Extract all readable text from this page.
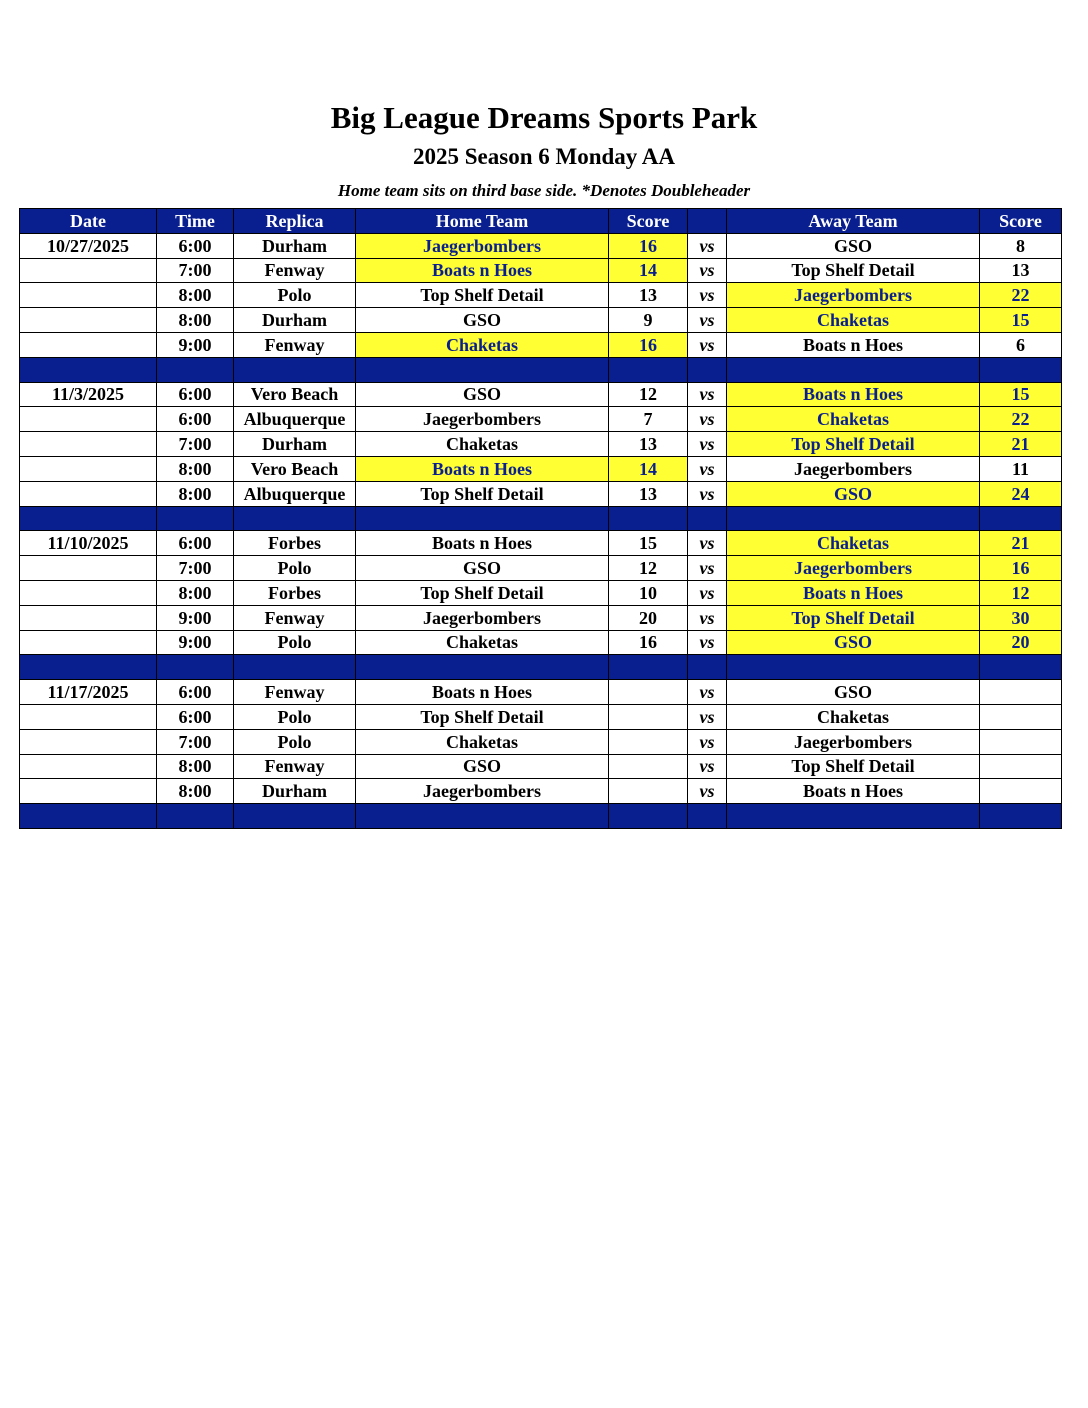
Big League Dreams Sports Park
2025 Season 6 Monday AA
Home team sits on third base side. *Denotes Doubleheader
Date	Time	Replica	Home Team	Score		Away Team	Score
10/27/2025	6:00	Durham	Jaegerbombers	16	vs	GSO	8
	7:00	Fenway	Boats n Hoes	14	vs	Top Shelf Detail	13
	8:00	Polo	Top Shelf Detail	13	vs	Jaegerbombers	22
	8:00	Durham	GSO	9	vs	Chaketas	15
	9:00	Fenway	Chaketas	16	vs	Boats n Hoes	6

11/3/2025	6:00	Vero Beach	GSO	12	vs	Boats n Hoes	15
	6:00	Albuquerque	Jaegerbombers	7	vs	Chaketas	22
	7:00	Durham	Chaketas	13	vs	Top Shelf Detail	21
	8:00	Vero Beach	Boats n Hoes	14	vs	Jaegerbombers	11
	8:00	Albuquerque	Top Shelf Detail	13	vs	GSO	24

11/10/2025	6:00	Forbes	Boats n Hoes	15	vs	Chaketas	21
	7:00	Polo	GSO	12	vs	Jaegerbombers	16
	8:00	Forbes	Top Shelf Detail	10	vs	Boats n Hoes	12
	9:00	Fenway	Jaegerbombers	20	vs	Top Shelf Detail	30
	9:00	Polo	Chaketas	16	vs	GSO	20

11/17/2025	6:00	Fenway	Boats n Hoes		vs	GSO	
	6:00	Polo	Top Shelf Detail		vs	Chaketas	
	7:00	Polo	Chaketas		vs	Jaegerbombers	
	8:00	Fenway	GSO		vs	Top Shelf Detail	
	8:00	Durham	Jaegerbombers		vs	Boats n Hoes	
